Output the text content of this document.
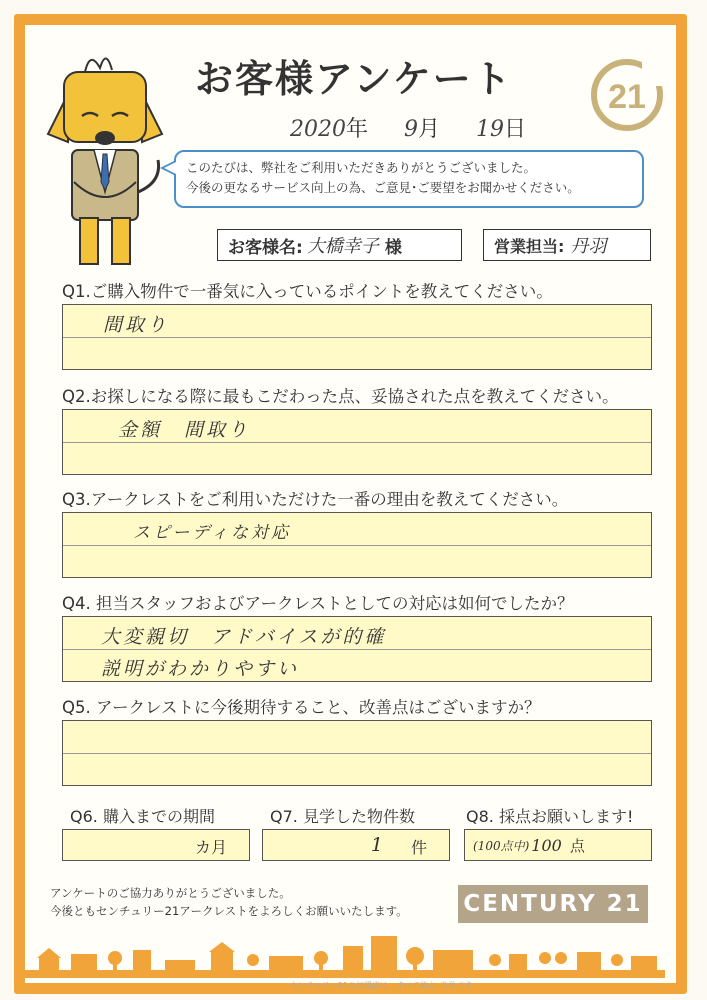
お客様アンケート	21
2020年 9月 19日
このたびは、弊社をご利用いただきありがとうございました。
今後の更なるサービス向上の為、ご意見･ご要望をお聞かせください。
お客様名: 大橋幸子 様	営業担当: 丹羽
Q1.ご購入物件で一番気に入っているポイントを教えてください。
間取り
Q2.お探しになる際に最もこだわった点、妥協された点を教えてください。
金額　間取り
Q3.アークレストをご利用いただけた一番の理由を教えてください。
スピーディな対応
Q4. 担当スタッフおよびアークレストとしての対応は如何でしたか？
大変親切　アドバイスが的確
説明がわかりやすい
Q5. アークレストに今後期待すること、改善点はございますか？
Q6. 購入までの期間
カ月
Q7. 見学した物件数
1 件
Q8. 採点お願いします!
(100点中) 100 点
アンケートのご協力ありがとうございました。
今後ともセンチュリー21アークレストをよろしくお願いいたします。 CENTURY 21
センチュリー21の加盟店は、すべて独立･自営です。
